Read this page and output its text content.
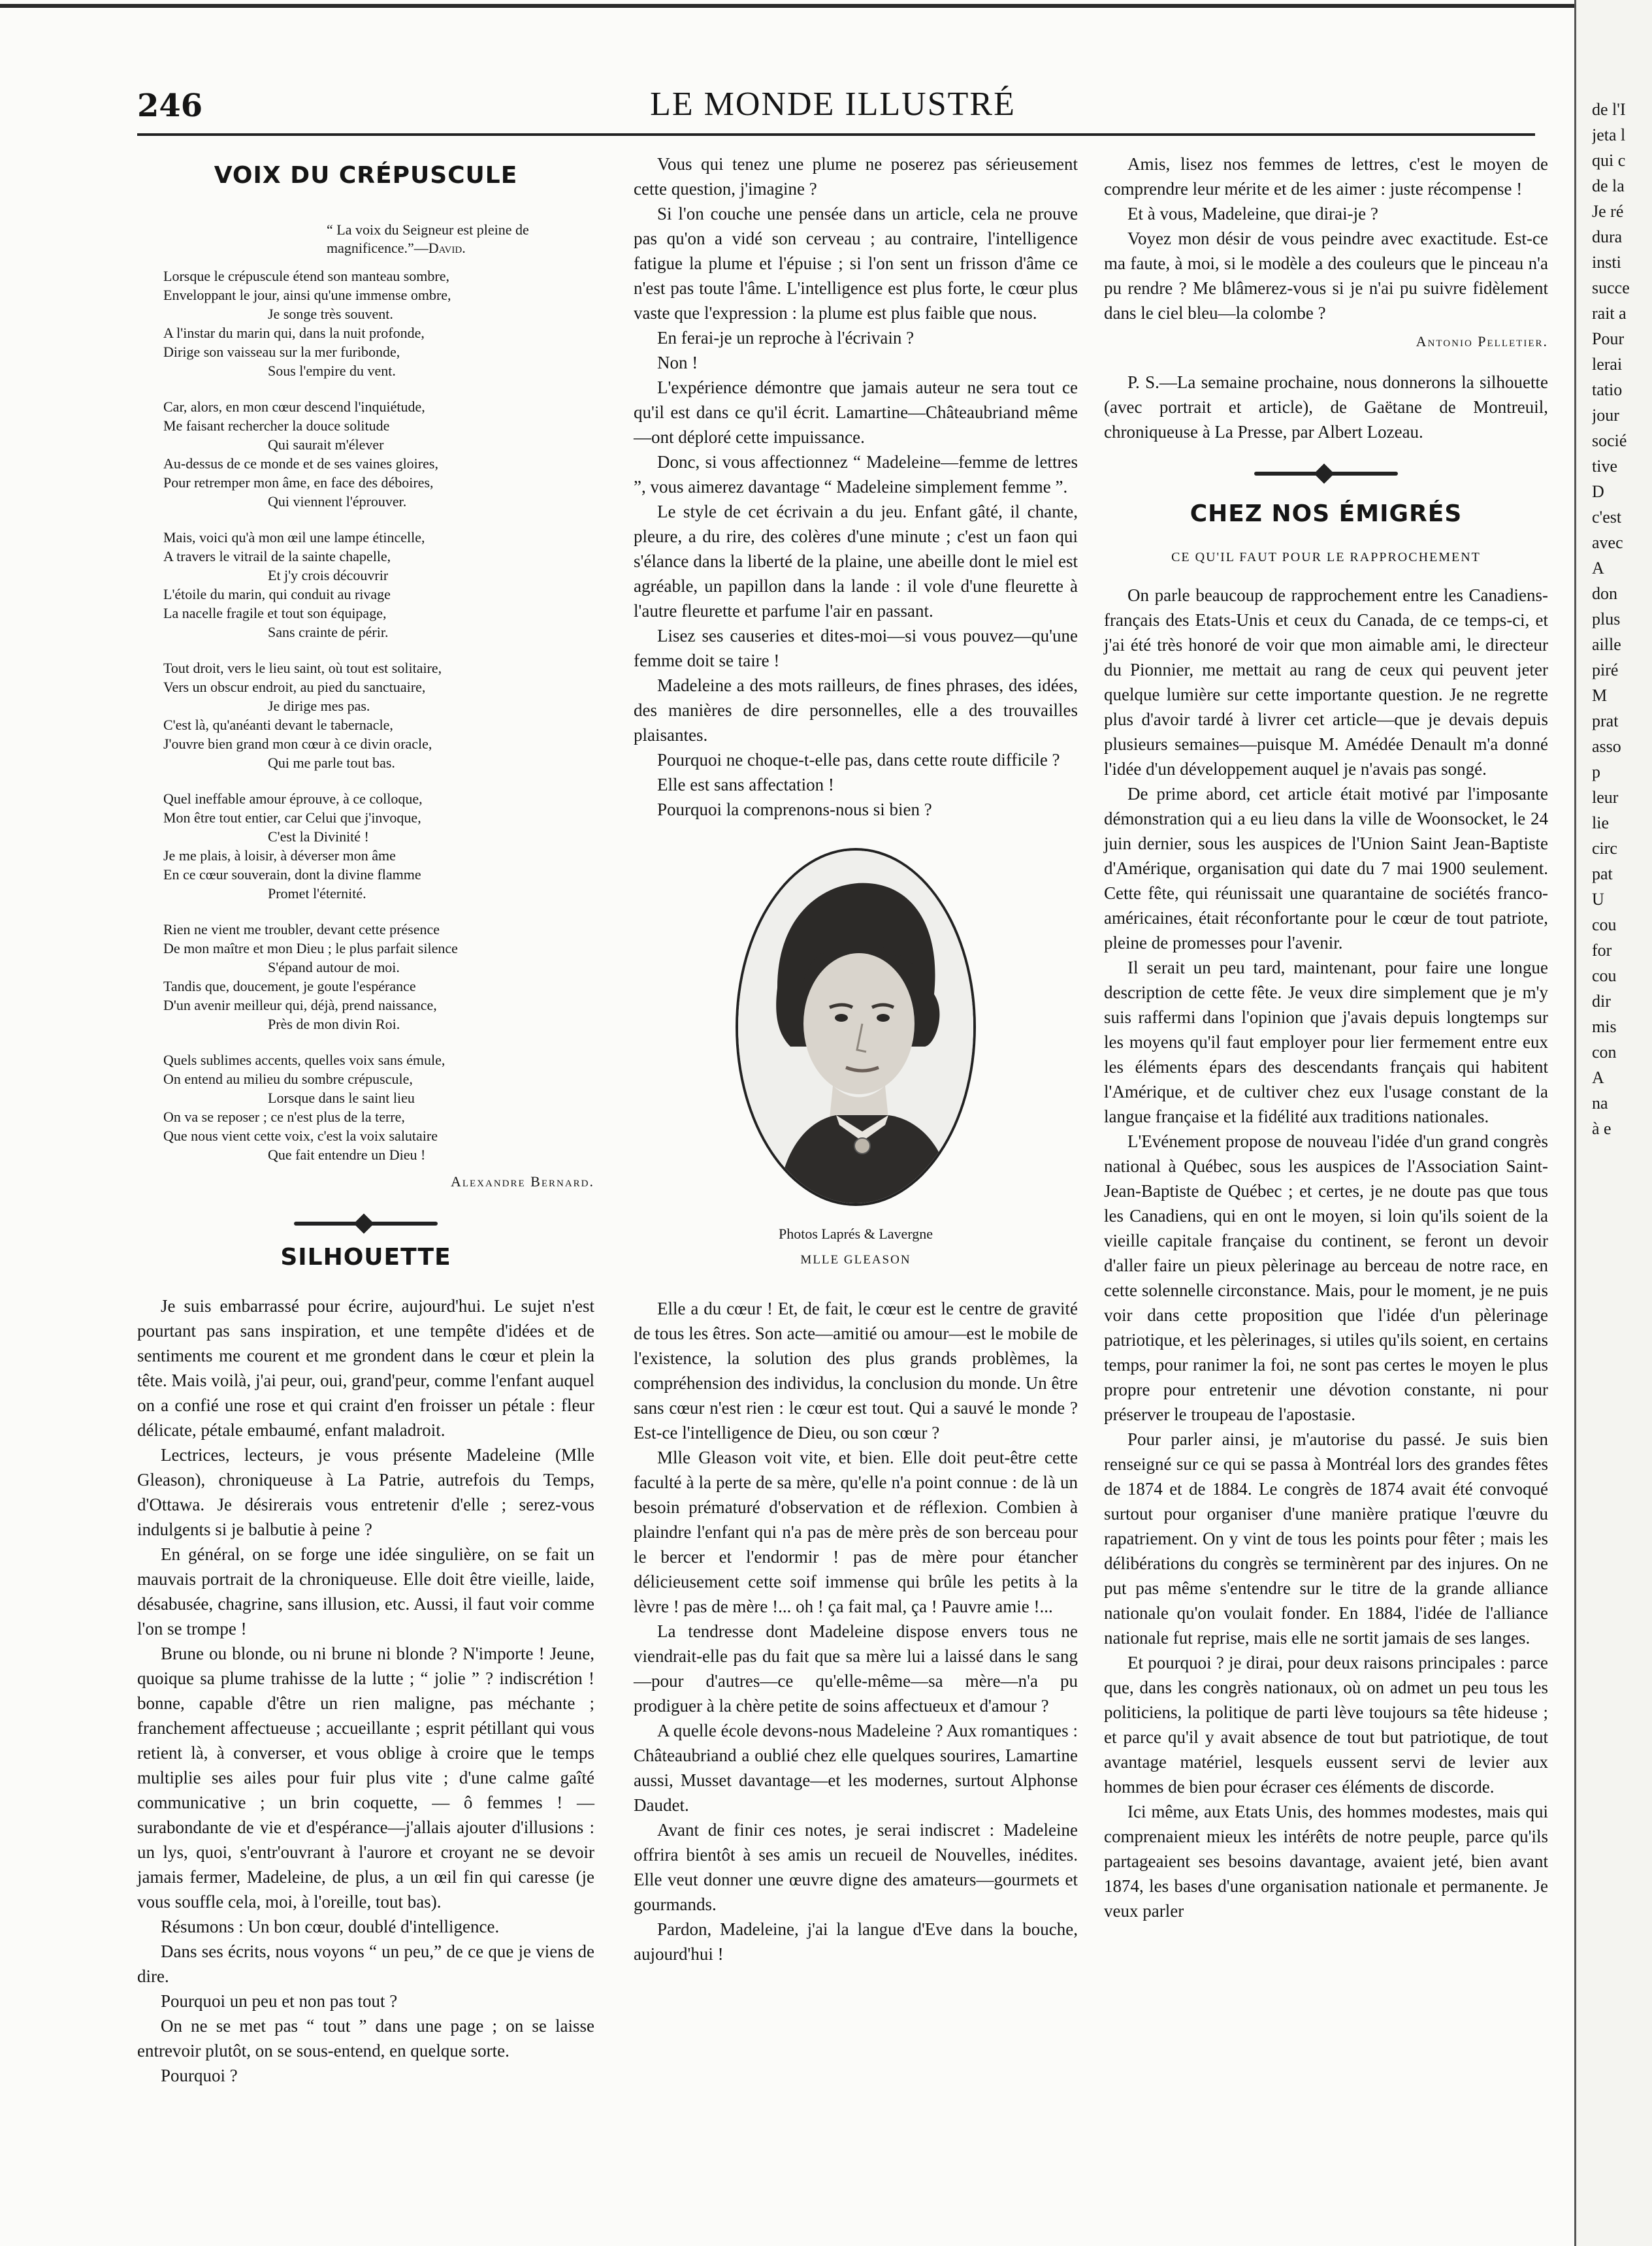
246	LE MONDE ILLUSTRÉ
VOIX DU CRÉPUSCULE
“ La voix du Seigneur est pleine de magnificence.”—David.
Lorsque le crépuscule étend son manteau sombre,
Enveloppant le jour, ainsi qu'une immense ombre,
Je songe très souvent.
A l'instar du marin qui, dans la nuit profonde,
Dirige son vaisseau sur la mer furibonde,
Sous l'empire du vent.
Car, alors, en mon cœur descend l'inquiétude,
Me faisant rechercher la douce solitude
Qui saurait m'élever
Au-dessus de ce monde et de ses vaines gloires,
Pour retremper mon âme, en face des déboires,
Qui viennent l'éprouver.
Mais, voici qu'à mon œil une lampe étincelle,
A travers le vitrail de la sainte chapelle,
Et j'y crois découvrir
L'étoile du marin, qui conduit au rivage
La nacelle fragile et tout son équipage,
Sans crainte de périr.
Tout droit, vers le lieu saint, où tout est solitaire,
Vers un obscur endroit, au pied du sanctuaire,
Je dirige mes pas.
C'est là, qu'anéanti devant le tabernacle,
J'ouvre bien grand mon cœur à ce divin oracle,
Qui me parle tout bas.
Quel ineffable amour éprouve, à ce colloque,
Mon être tout entier, car Celui que j'invoque,
C'est la Divinité !
Je me plais, à loisir, à déverser mon âme
En ce cœur souverain, dont la divine flamme
Promet l'éternité.
Rien ne vient me troubler, devant cette présence
De mon maître et mon Dieu ; le plus parfait silence
S'épand autour de moi.
Tandis que, doucement, je goute l'espérance
D'un avenir meilleur qui, déjà, prend naissance,
Près de mon divin Roi.
Quels sublimes accents, quelles voix sans émule,
On entend au milieu du sombre crépuscule,
Lorsque dans le saint lieu
On va se reposer ; ce n'est plus de la terre,
Que nous vient cette voix, c'est la voix salutaire
Que fait entendre un Dieu !
Alexandre Bernard.
SILHOUETTE

Je suis embarrassé pour écrire, aujourd'hui. Le sujet n'est pourtant pas sans inspiration, et une tempête d'idées et de sentiments me courent et me grondent dans le cœur et plein la tête. Mais voilà, j'ai peur, oui, grand'peur, comme l'enfant auquel on a confié une rose et qui craint d'en froisser un pétale : fleur délicate, pétale embaumé, enfant maladroit.

Lectrices, lecteurs, je vous présente Madeleine (Mlle Gleason), chroniqueuse à La Patrie, autrefois du Temps, d'Ottawa. Je désirerais vous entretenir d'elle ; serez-vous indulgents si je balbutie à peine ?

En général, on se forge une idée singulière, on se fait un mauvais portrait de la chroniqueuse. Elle doit être vieille, laide, désabusée, chagrine, sans illusion, etc. Aussi, il faut voir comme l'on se trompe !

Brune ou blonde, ou ni brune ni blonde ? N'importe ! Jeune, quoique sa plume trahisse de la lutte ; “ jolie ” ? indiscrétion ! bonne, capable d'être un rien maligne, pas méchante ; franchement affectueuse ; accueillante ; esprit pétillant qui vous retient là, à converser, et vous oblige à croire que le temps multiplie ses ailes pour fuir plus vite ; d'une calme gaîté communicative ; un brin coquette, — ô femmes ! — surabondante de vie et d'espérance—j'allais ajouter d'illusions : un lys, quoi, s'entr'ouvrant à l'aurore et croyant ne se devoir jamais fermer, Madeleine, de plus, a un œil fin qui caresse (je vous souffle cela, moi, à l'oreille, tout bas).

Résumons : Un bon cœur, doublé d'intelligence.

Dans ses écrits, nous voyons “ un peu,” de ce que je viens de dire.

Pourquoi un peu et non pas tout ?

On ne se met pas “ tout ” dans une page ; on se laisse entrevoir plutôt, on se sous-entend, en quelque sorte.

Pourquoi ?

Vous qui tenez une plume ne poserez pas sérieusement cette question, j'imagine ?

Si l'on couche une pensée dans un article, cela ne prouve pas qu'on a vidé son cerveau ; au contraire, l'intelligence fatigue la plume et l'épuise ; si l'on sent un frisson d'âme ce n'est pas toute l'âme. L'intelligence est plus forte, le cœur plus vaste que l'expression : la plume est plus faible que nous.

En ferai-je un reproche à l'écrivain ?

Non !

L'expérience démontre que jamais auteur ne sera tout ce qu'il est dans ce qu'il écrit. Lamartine—Châteaubriand même—ont déploré cette impuissance.

Donc, si vous affectionnez “ Madeleine—femme de lettres ”, vous aimerez davantage “ Madeleine simplement femme ”.

Le style de cet écrivain a du jeu. Enfant gâté, il chante, pleure, a du rire, des colères d'une minute ; c'est un faon qui s'élance dans la liberté de la plaine, une abeille dont le miel est agréable, un papillon dans la lande : il vole d'une fleurette à l'autre fleurette et parfume l'air en passant.

Lisez ses causeries et dites-moi—si vous pouvez—qu'une femme doit se taire !

Madeleine a des mots railleurs, de fines phrases, des idées, des manières de dire personnelles, elle a des trouvailles plaisantes.

Pourquoi ne choque-t-elle pas, dans cette route difficile ?

Elle est sans affectation !

Pourquoi la comprenons-nous si bien ?

Photos Laprés & Lavergne
MLLE GLEASON

Elle a du cœur ! Et, de fait, le cœur est le centre de gravité de tous les êtres. Son acte—amitié ou amour—est le mobile de l'existence, la solution des plus grands problèmes, la compréhension des individus, la conclusion du monde. Un être sans cœur n'est rien : le cœur est tout. Qui a sauvé le monde ? Est-ce l'intelligence de Dieu, ou son cœur ?

Mlle Gleason voit vite, et bien. Elle doit peut-être cette faculté à la perte de sa mère, qu'elle n'a point connue : de là un besoin prématuré d'observation et de réflexion. Combien à plaindre l'enfant qui n'a pas de mère près de son berceau pour le bercer et l'endormir ! pas de mère pour étancher délicieusement cette soif immense qui brûle les petits à la lèvre ! pas de mère !... oh ! ça fait mal, ça ! Pauvre amie !...

La tendresse dont Madeleine dispose envers tous ne viendrait-elle pas du fait que sa mère lui a laissé dans le sang—pour d'autres—ce qu'elle-même—sa mère—n'a pu prodiguer à la chère petite de soins affectueux et d'amour ?

A quelle école devons-nous Madeleine ? Aux romantiques : Châteaubriand a oublié chez elle quelques sourires, Lamartine aussi, Musset davantage—et les modernes, surtout Alphonse Daudet.

Avant de finir ces notes, je serai indiscret : Madeleine offrira bientôt à ses amis un recueil de Nouvelles, inédites. Elle veut donner une œuvre digne des amateurs—gourmets et gourmands.

Pardon, Madeleine, j'ai la langue d'Eve dans la bouche, aujourd'hui !

Amis, lisez nos femmes de lettres, c'est le moyen de comprendre leur mérite et de les aimer : juste récompense !

Et à vous, Madeleine, que dirai-je ?

Voyez mon désir de vous peindre avec exactitude. Est-ce ma faute, à moi, si le modèle a des couleurs que le pinceau n'a pu rendre ? Me blâmerez-vous si je n'ai pu suivre fidèlement dans le ciel bleu—la colombe ?

Antonio Pelletier.

P. S.—La semaine prochaine, nous donnerons la silhouette (avec portrait et article), de Gaëtane de Montreuil, chroniqueuse à La Presse, par Albert Lozeau.

CHEZ NOS ÉMIGRÉS
CE QU'IL FAUT POUR LE RAPPROCHEMENT

On parle beaucoup de rapprochement entre les Canadiens-français des Etats-Unis et ceux du Canada, de ce temps-ci, et j'ai été très honoré de voir que mon aimable ami, le directeur du Pionnier, me mettait au rang de ceux qui peuvent jeter quelque lumière sur cette importante question. Je ne regrette plus d'avoir tardé à livrer cet article—que je devais depuis plusieurs semaines—puisque M. Amédée Denault m'a donné l'idée d'un développement auquel je n'avais pas songé.

De prime abord, cet article était motivé par l'imposante démonstration qui a eu lieu dans la ville de Woonsocket, le 24 juin dernier, sous les auspices de l'Union Saint Jean-Baptiste d'Amérique, organisation qui date du 7 mai 1900 seulement. Cette fête, qui réunissait une quarantaine de sociétés franco-américaines, était réconfortante pour le cœur de tout patriote, pleine de promesses pour l'avenir.

Il serait un peu tard, maintenant, pour faire une longue description de cette fête. Je veux dire simplement que je m'y suis raffermi dans l'opinion que j'avais depuis longtemps sur les moyens qu'il faut employer pour lier fermement entre eux les éléments épars des descendants français qui habitent l'Amérique, et de cultiver chez eux l'usage constant de la langue française et la fidélité aux traditions nationales.

L'Evénement propose de nouveau l'idée d'un grand congrès national à Québec, sous les auspices de l'Association Saint-Jean-Baptiste de Québec ; et certes, je ne doute pas que tous les Canadiens, qui en ont le moyen, si loin qu'ils soient de la vieille capitale française du continent, se feront un devoir d'aller faire un pieux pèlerinage au berceau de notre race, en cette solennelle circonstance. Mais, pour le moment, je ne puis voir dans cette proposition que l'idée d'un pèlerinage patriotique, et les pèlerinages, si utiles qu'ils soient, en certains temps, pour ranimer la foi, ne sont pas certes le moyen le plus propre pour entretenir une dévotion constante, ni pour préserver le troupeau de l'apostasie.

Pour parler ainsi, je m'autorise du passé. Je suis bien renseigné sur ce qui se passa à Montréal lors des grandes fêtes de 1874 et de 1884. Le congrès de 1874 avait été convoqué surtout pour organiser d'une manière pratique l'œuvre du rapatriement. On y vint de tous les points pour fêter ; mais les délibérations du congrès se terminèrent par des injures. On ne put pas même s'entendre sur le titre de la grande alliance nationale qu'on voulait fonder. En 1884, l'idée de l'alliance nationale fut reprise, mais elle ne sortit jamais de ses langes.

Et pourquoi ? je dirai, pour deux raisons principales : parce que, dans les congrès nationaux, où on admet un peu tous les politiciens, la politique de parti lève toujours sa tête hideuse ; et parce qu'il y avait absence de tout but patriotique, de tout avantage matériel, lesquels eussent servi de levier aux hommes de bien pour écraser ces éléments de discorde.

Ici même, aux Etats Unis, des hommes modestes, mais qui comprenaient mieux les intérêts de notre peuple, parce qu'ils partageaient ses besoins davantage, avaient jeté, bien avant 1874, les bases d'une organisation nationale et permanente. Je veux parler

de l'I
jeta l
qui c
de la
Je ré
dura
insti
succe
rait a
Pour
lerai
tatio
jour
socié
tive
D
c'est
avec
A
don
plus
aille
piré
M
prat
asso
p
leur
lie
circ
pat
U
cou
for
cou
dir
mis
con
A
na
à e
